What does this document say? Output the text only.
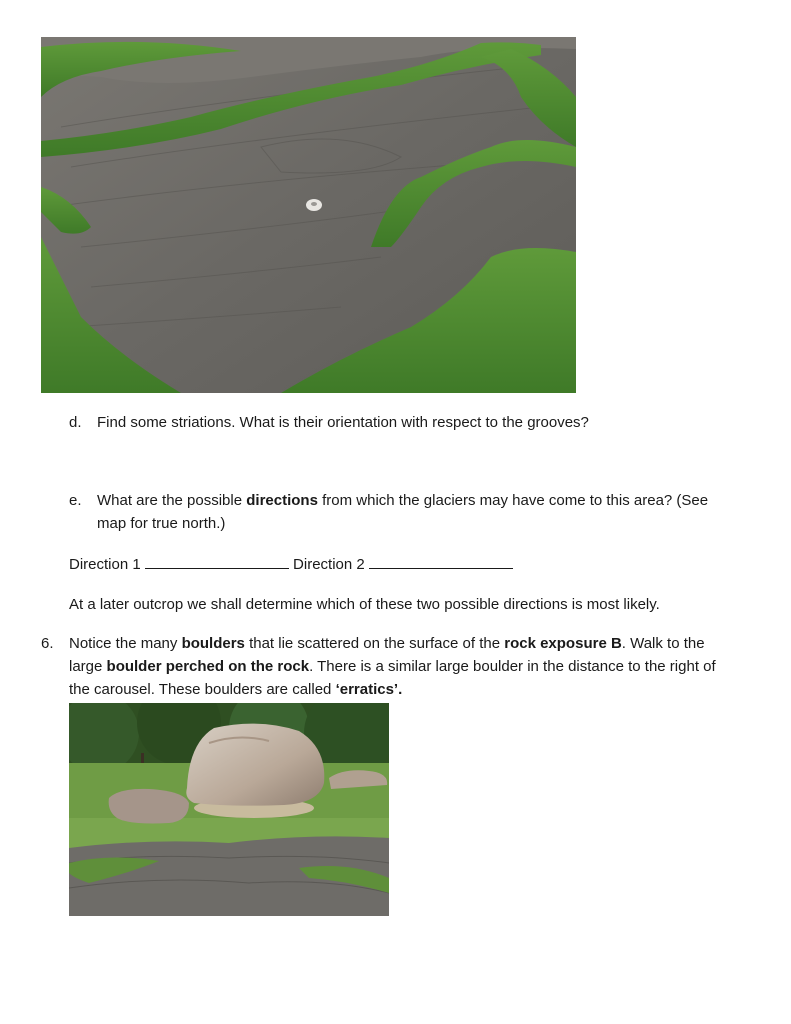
d. Find some striations. What is their orientation with respect to the grooves?
e. What are the possible directions from which the glaciers may have come to this area? (See
map for true north.)
Direction 1	Direction 2
At a later outcrop we shall determine which of these two possible directions is most likely.
6. Notice the many boulders that lie scattered on the surface of the rock exposure B. Walk to the
large boulder perched on the rock. There is a similar large boulder in the distance to the right of
the carousel. These boulders are called ‘erratics’.
